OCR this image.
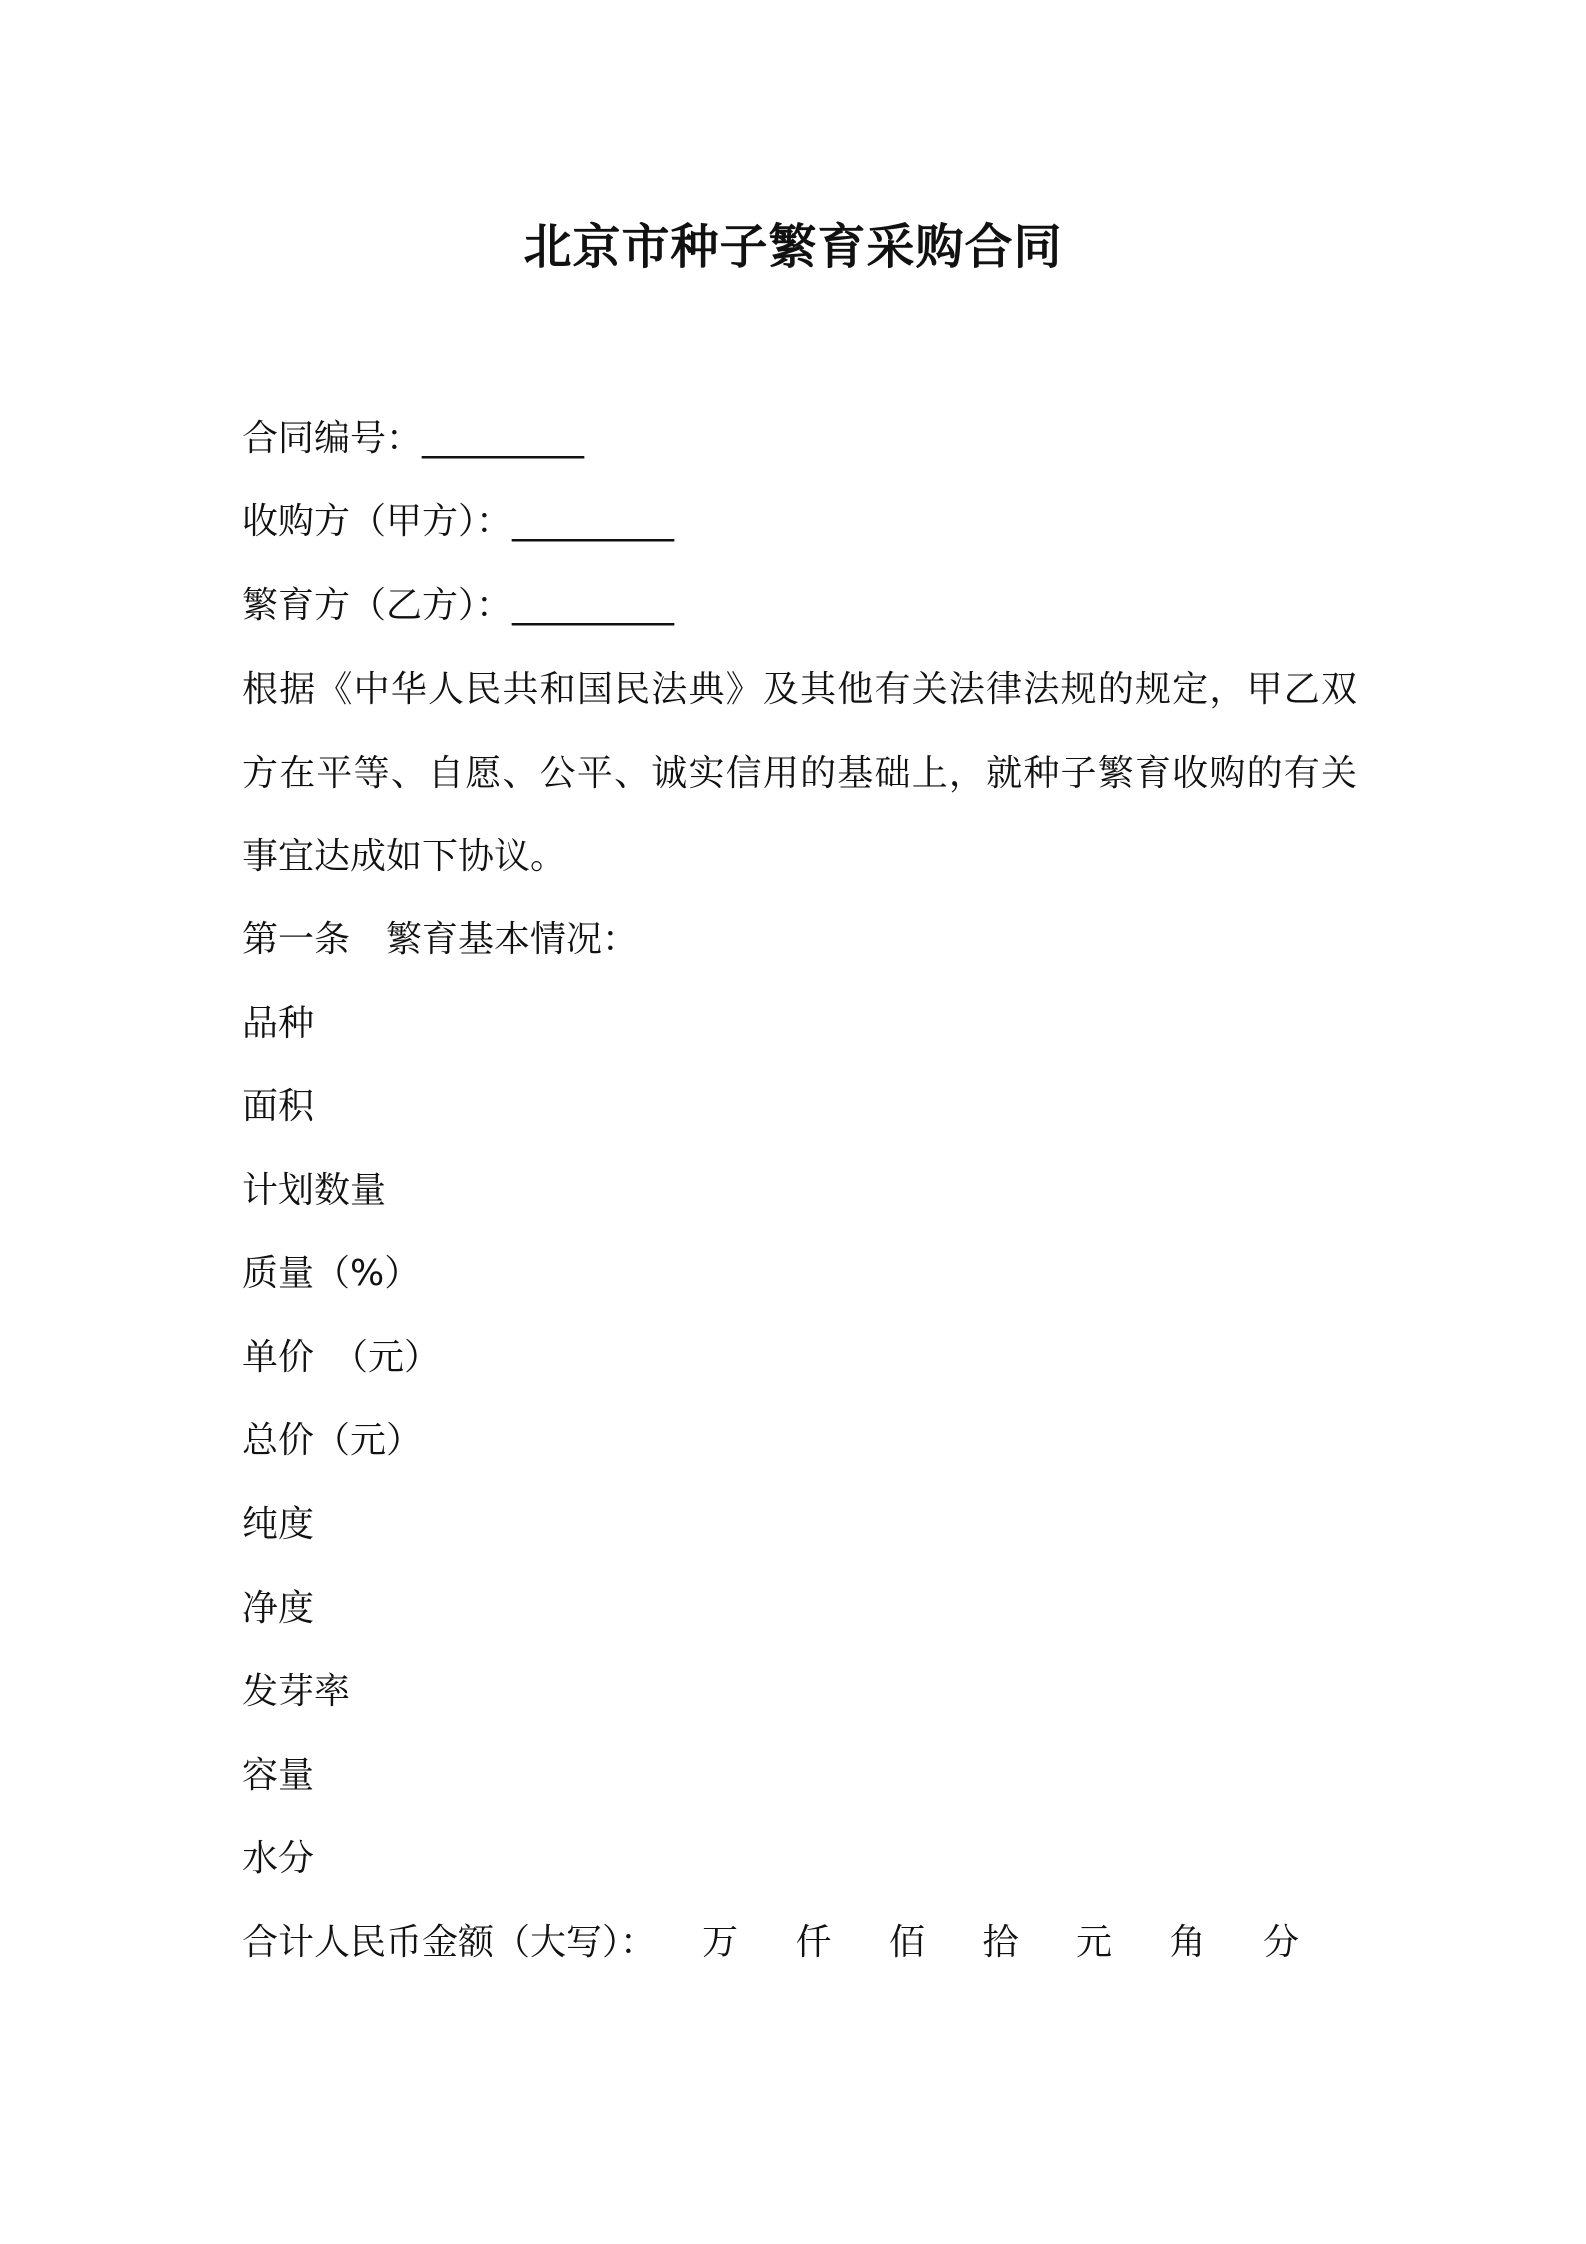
北京市种子繁育采购合同
合同编号：_________
收购方（甲方）：_________
繁育方（乙方）：_________
根据《中华人民共和国民法典》及其他有关法律法规的规定，甲乙双方在平等、自愿、公平、诚实信用的基础上，就种子繁育收购的有关事宜达成如下协议。
第一条　繁育基本情况：
品种
面积
计划数量
质量（%）
单价　（元）
总价（元）
纯度
净度
发芽率
容量
水分
合计人民币金额（大写）： 万 仟 佰 拾 元 角 分
